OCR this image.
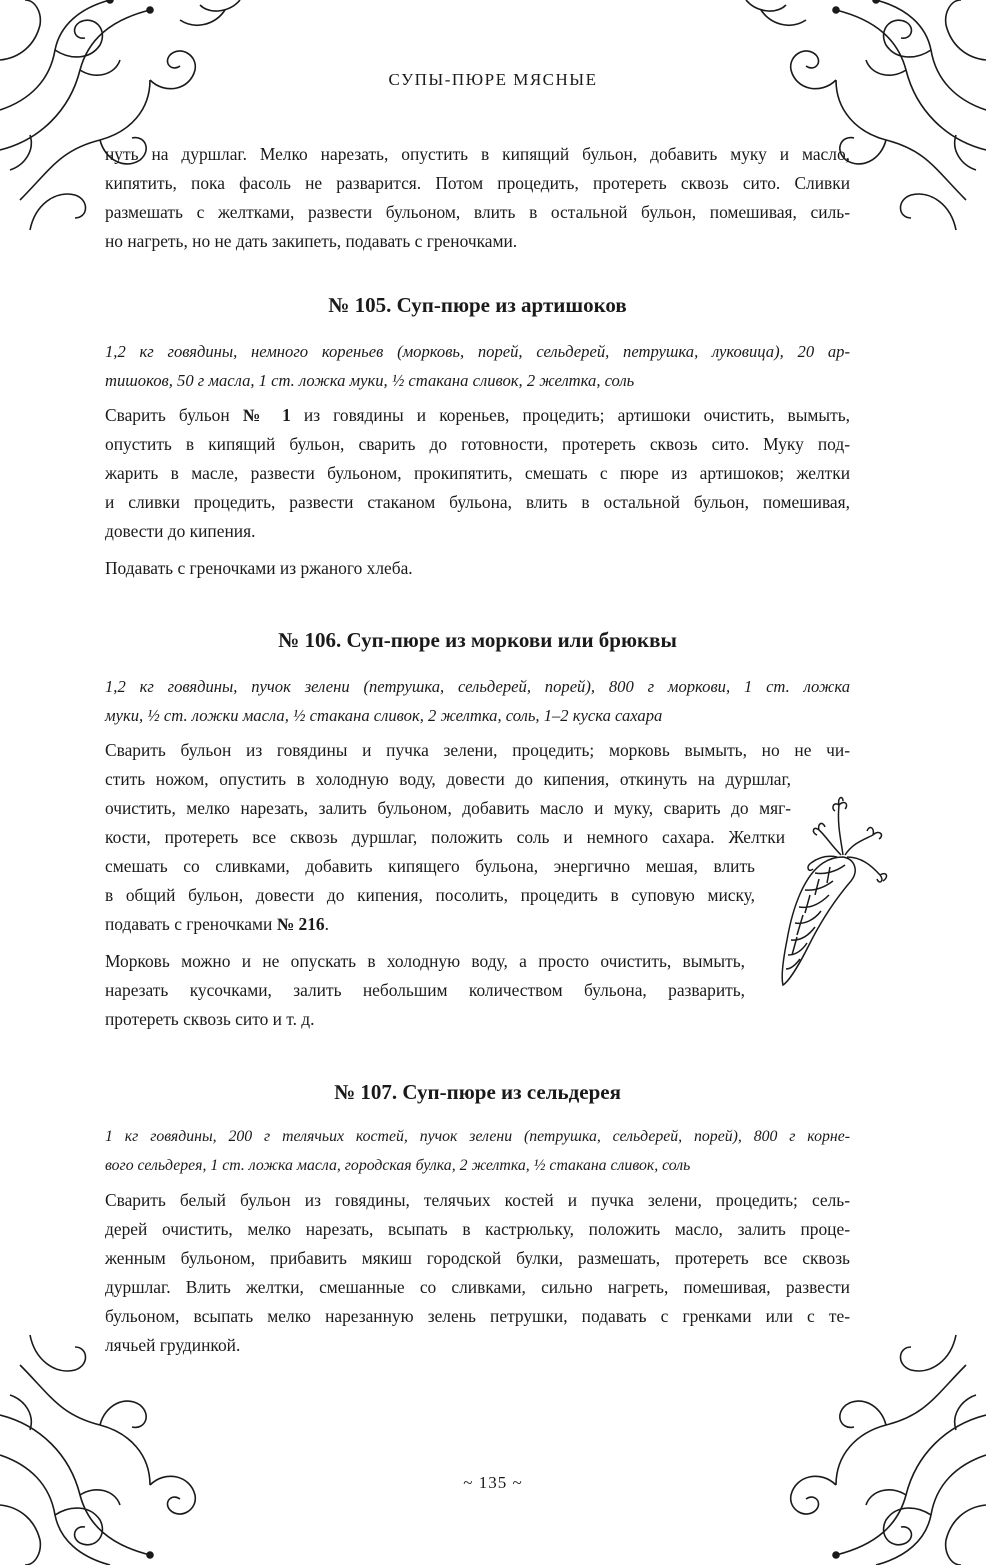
СУПЫ-ПЮРЕ МЯСНЫЕ

нуть на дуршлаг. Мелко нарезать, опустить в кипящий бульон, добавить муку и масло,

кипятить, пока фасоль не разварится. Потом процедить, протереть сквозь сито. Сливки

размешать с желтками, развести бульоном, влить в остальной бульон, помешивая, силь-

но нагреть, но не дать закипеть, подавать с греночками.

№ 105. Суп-пюре из артишоков

1,2 кг говядины, немного кореньев (морковь, порей, сельдерей, петрушка, луковица), 20 ар-

тишоков, 50 г масла, 1 ст. ложка муки, ½ стакана сливок, 2 желтка, соль

Сварить бульон № 1 из говядины и кореньев, процедить; артишоки очистить, вымыть,

опустить в кипящий бульон, сварить до готовности, протереть сквозь сито. Муку под-

жарить в масле, развести бульоном, прокипятить, смешать с пюре из артишоков; желтки

и сливки процедить, развести стаканом бульона, влить в остальной бульон, помешивая,

довести до кипения.

Подавать с греночками из ржаного хлеба.

№ 106. Суп-пюре из моркови или брюквы

1,2 кг говядины, пучок зелени (петрушка, сельдерей, порей), 800 г моркови, 1 ст. ложка

муки, ½ ст. ложки масла, ½ стакана сливок, 2 желтка, соль, 1–2 куска сахара

Сварить бульон из говядины и пучка зелени, процедить; морковь вымыть, но не чи-

стить ножом, опустить в холодную воду, довести до кипения, откинуть на дуршлаг,

очистить, мелко нарезать, залить бульоном, добавить масло и муку, сварить до мяг-

кости, протереть все сквозь дуршлаг, положить соль и немного сахара. Желтки

смешать со сливками, добавить кипящего бульона, энергично мешая, влить

в общий бульон, довести до кипения, посолить, процедить в суповую миску,

подавать с греночками № 216.

Морковь можно и не опускать в холодную воду, а просто очистить, вымыть,

нарезать кусочками, залить небольшим количеством бульона, разварить,

протереть сквозь сито и т. д.

№ 107. Суп-пюре из сельдерея

1 кг говядины, 200 г телячьих костей, пучок зелени (петрушка, сельдерей, порей), 800 г корне-

вого сельдерея, 1 ст. ложка масла, городская булка, 2 желтка, ½ стакана сливок, соль

Сварить белый бульон из говядины, телячьих костей и пучка зелени, процедить; сель-

дерей очистить, мелко нарезать, всыпать в кастрюльку, положить масло, залить проце-

женным бульоном, прибавить мякиш городской булки, размешать, протереть все сквозь

дуршлаг. Влить желтки, смешанные со сливками, сильно нагреть, помешивая, развести

бульоном, всыпать мелко нарезанную зелень петрушки, подавать с гренками или с те-

лячьей грудинкой.

~ 135 ~
